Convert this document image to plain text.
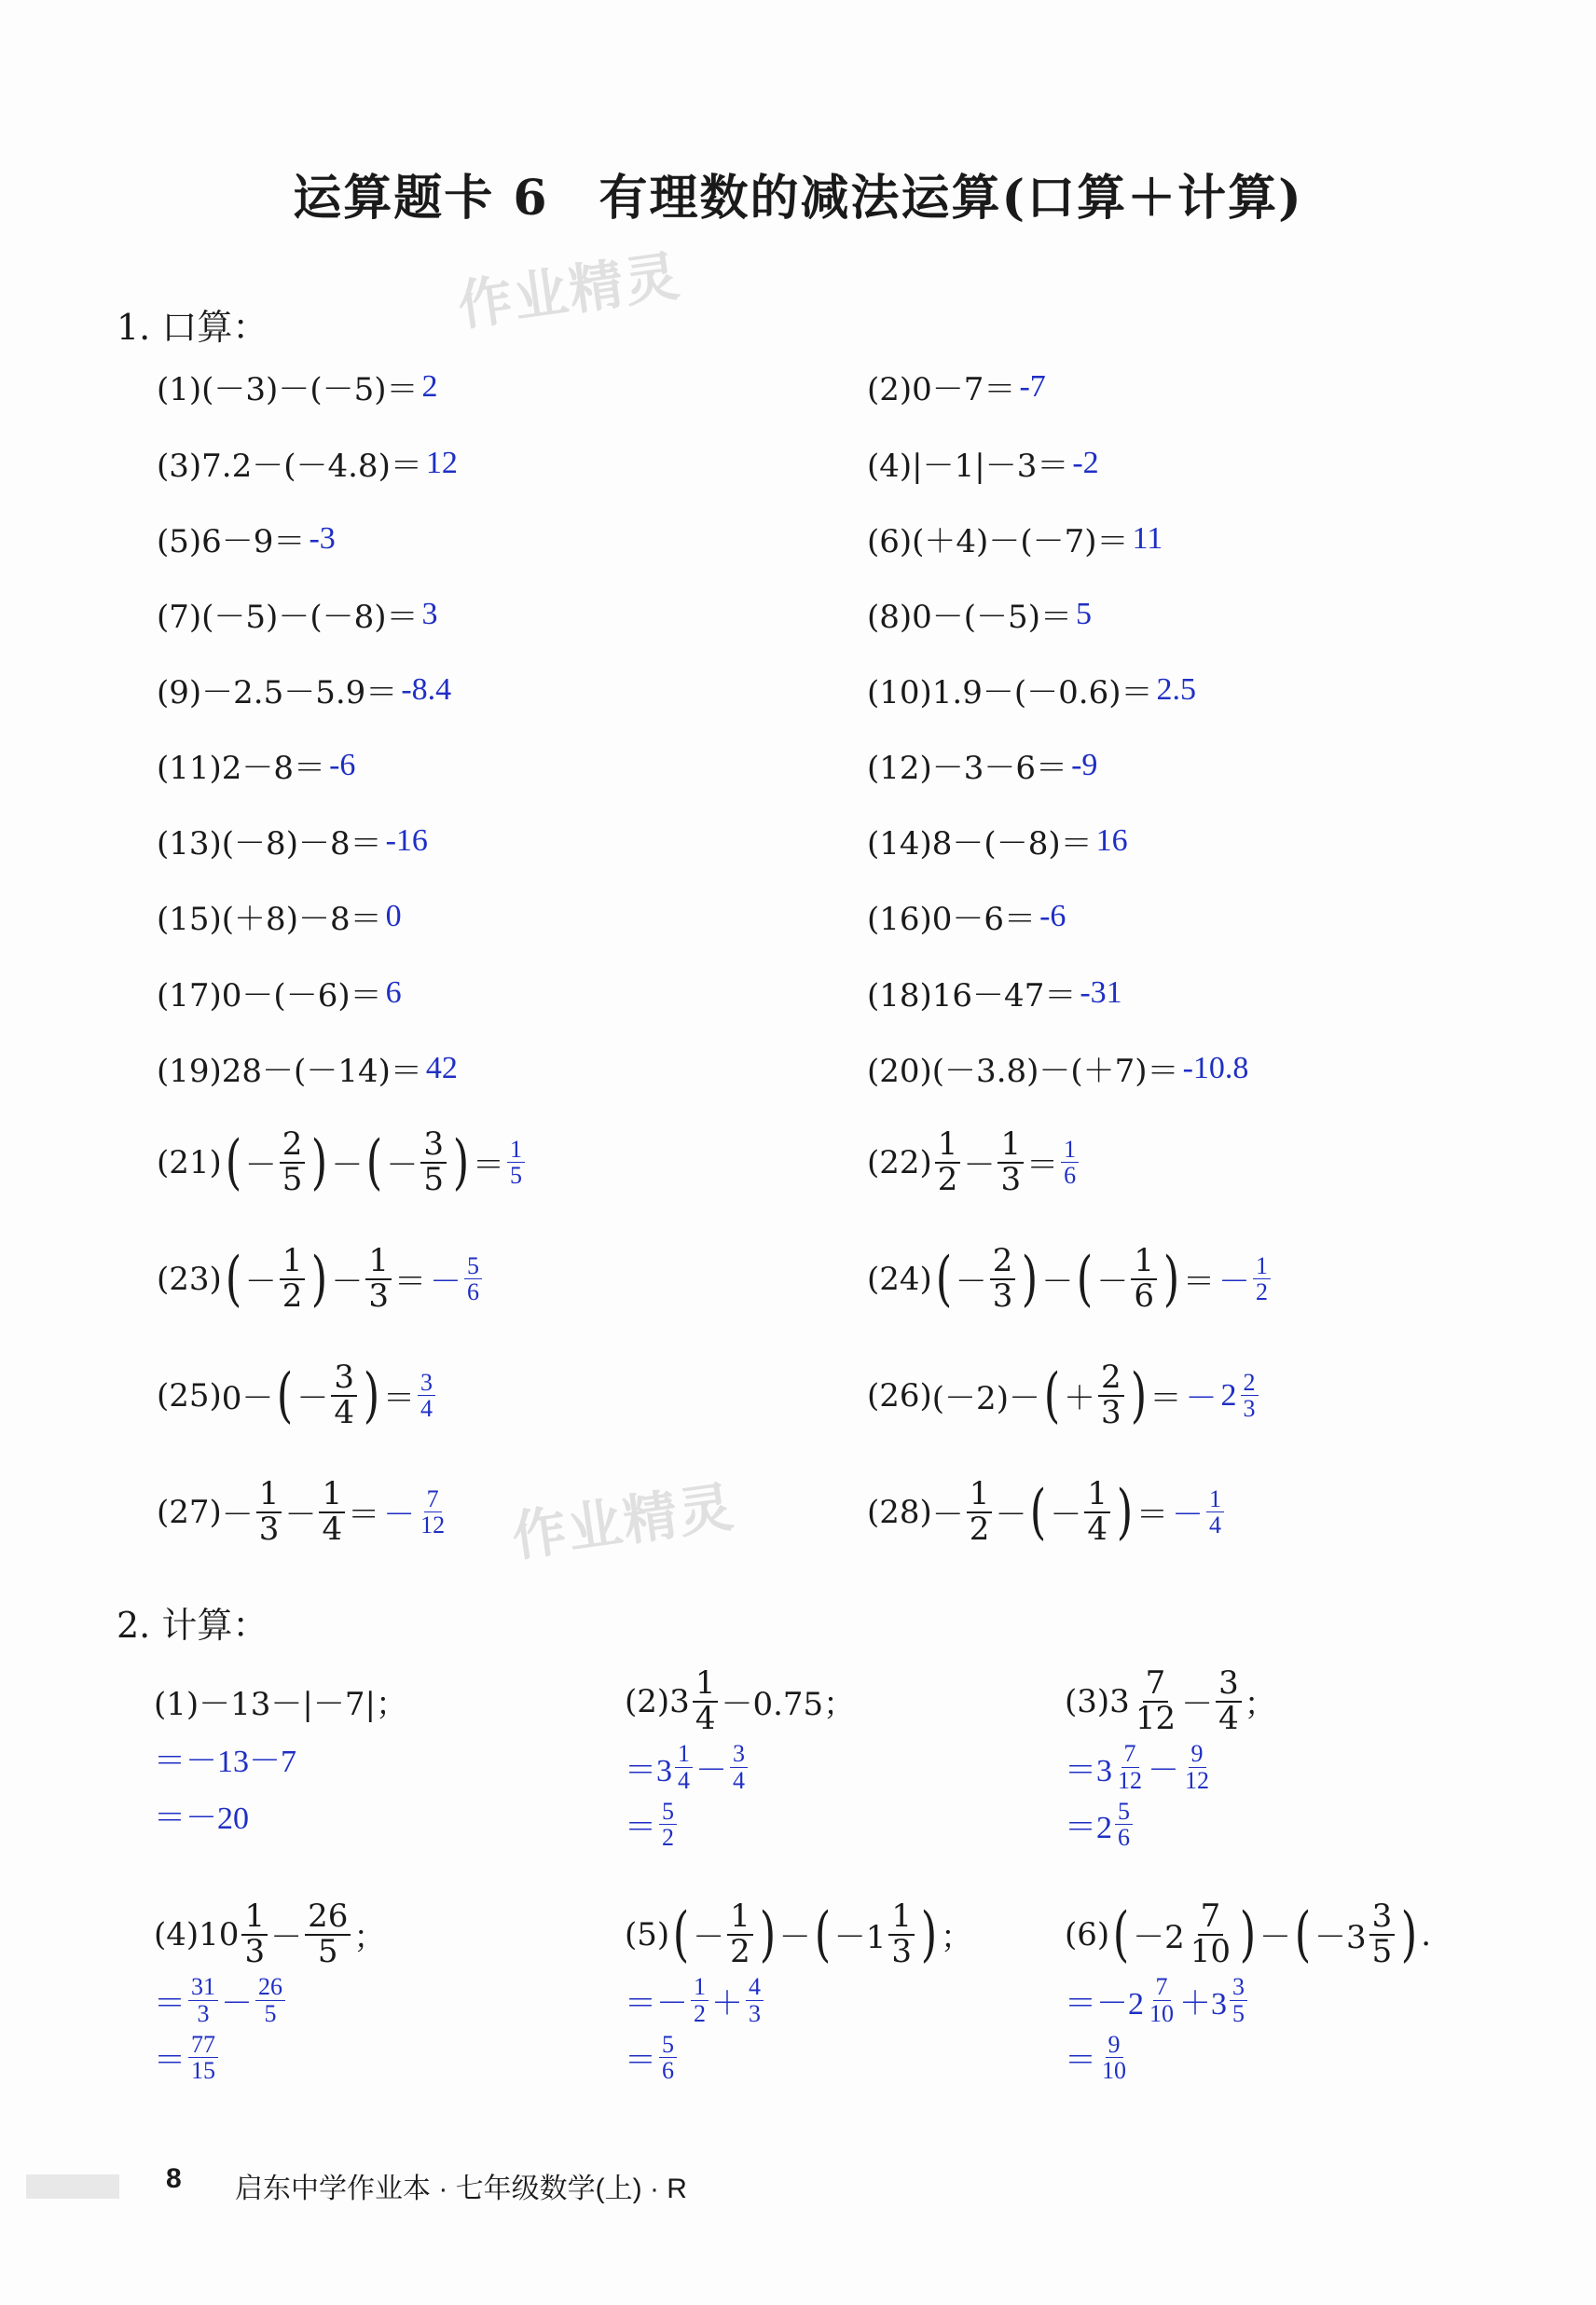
运算题卡 6　有理数的减法运算(口算＋计算)
作业精灵
作业精灵
1. 口算：
(1)(－3)－(－5)＝ 2	(2)0－7＝ -7
(3)7.2－(－4.8)＝ 12	(4)|－1|－3＝ -2
(5)6－9＝ -3	(6)(＋4)－(－7)＝ 11
(7)(－5)－(－8)＝ 3	(8)0－(－5)＝ 5
(9)－2.5－5.9＝ -8.4	(10)1.9－(－0.6)＝ 2.5
(11)2－8＝ -6	(12)－3－6＝ -9
(13)(－8)－8＝ -16	(14)8－(－8)＝ 16
(15)(＋8)－8＝ 0	(16)0－6＝ -6
(17)0－(－6)＝ 6	(18)16－47＝ -31
(19)28－(－14)＝ 42	(20)(－3.8)－(＋7)＝ -10.8
(21) ( － $\frac{2}{5}$ ) － ( － $\frac{3}{5}$ ) ＝ $\frac{1}{5}$	$(22) \frac{1}{2} - \frac{1}{3} = \frac{1}{6}$
(23) ( － $\frac{1}{2}$ ) － $\frac{1}{3}$ ＝ － $\frac{5}{6}$	(24) ( － $\frac{2}{3}$ ) － ( － $\frac{1}{6}$ ) ＝ － $\frac{1}{2}$
(25) 0－ ( － $\frac{3}{4}$ ) ＝ $\frac{3}{4}$	(26) (－2)－ ( ＋ $\frac{2}{3}$ ) ＝ － $2 \frac{2}{3}$
$(27) - \frac{1}{3} - \frac{1}{4}$ ＝ － $\frac{7}{12}$	$(28) - \frac{1}{2}$ － ( － $\frac{1}{4}$ ) ＝ － $\frac{1}{4}$
2. 计算：
(1)－13－|－7|；
＝－13－7
＝－20
(2) $3 \frac{1}{4} -0.75$；
$=3 \frac{1}{4} - \frac{3}{4}$
＝ $\frac{5}{2}$
(3) $3 \frac{7}{12} - \frac{3}{4}$ ；
$=3 \frac{7}{12} - \frac{9}{12}$
$=2 \frac{5}{6}$
(4) $10 \frac{1}{3} - \frac{26}{5}$ ；
＝ $\frac{31}{3} - \frac{26}{5}$
＝ $\frac{77}{15}$
(5) ( － $\frac{1}{2}$ ) － ( $-1 \frac{1}{3}$ ) ；
＝－ $\frac{1}{2} + \frac{4}{3}$
＝ $\frac{5}{6}$
(6) ( $-2 \frac{7}{10}$ ) － ( $-3 \frac{3}{5}$ ) .
$=-2 \frac{7}{10} +3 \frac{3}{5}$
＝ $\frac{9}{10}$
8 启东中学作业本 · 七年级数学(上) · R
